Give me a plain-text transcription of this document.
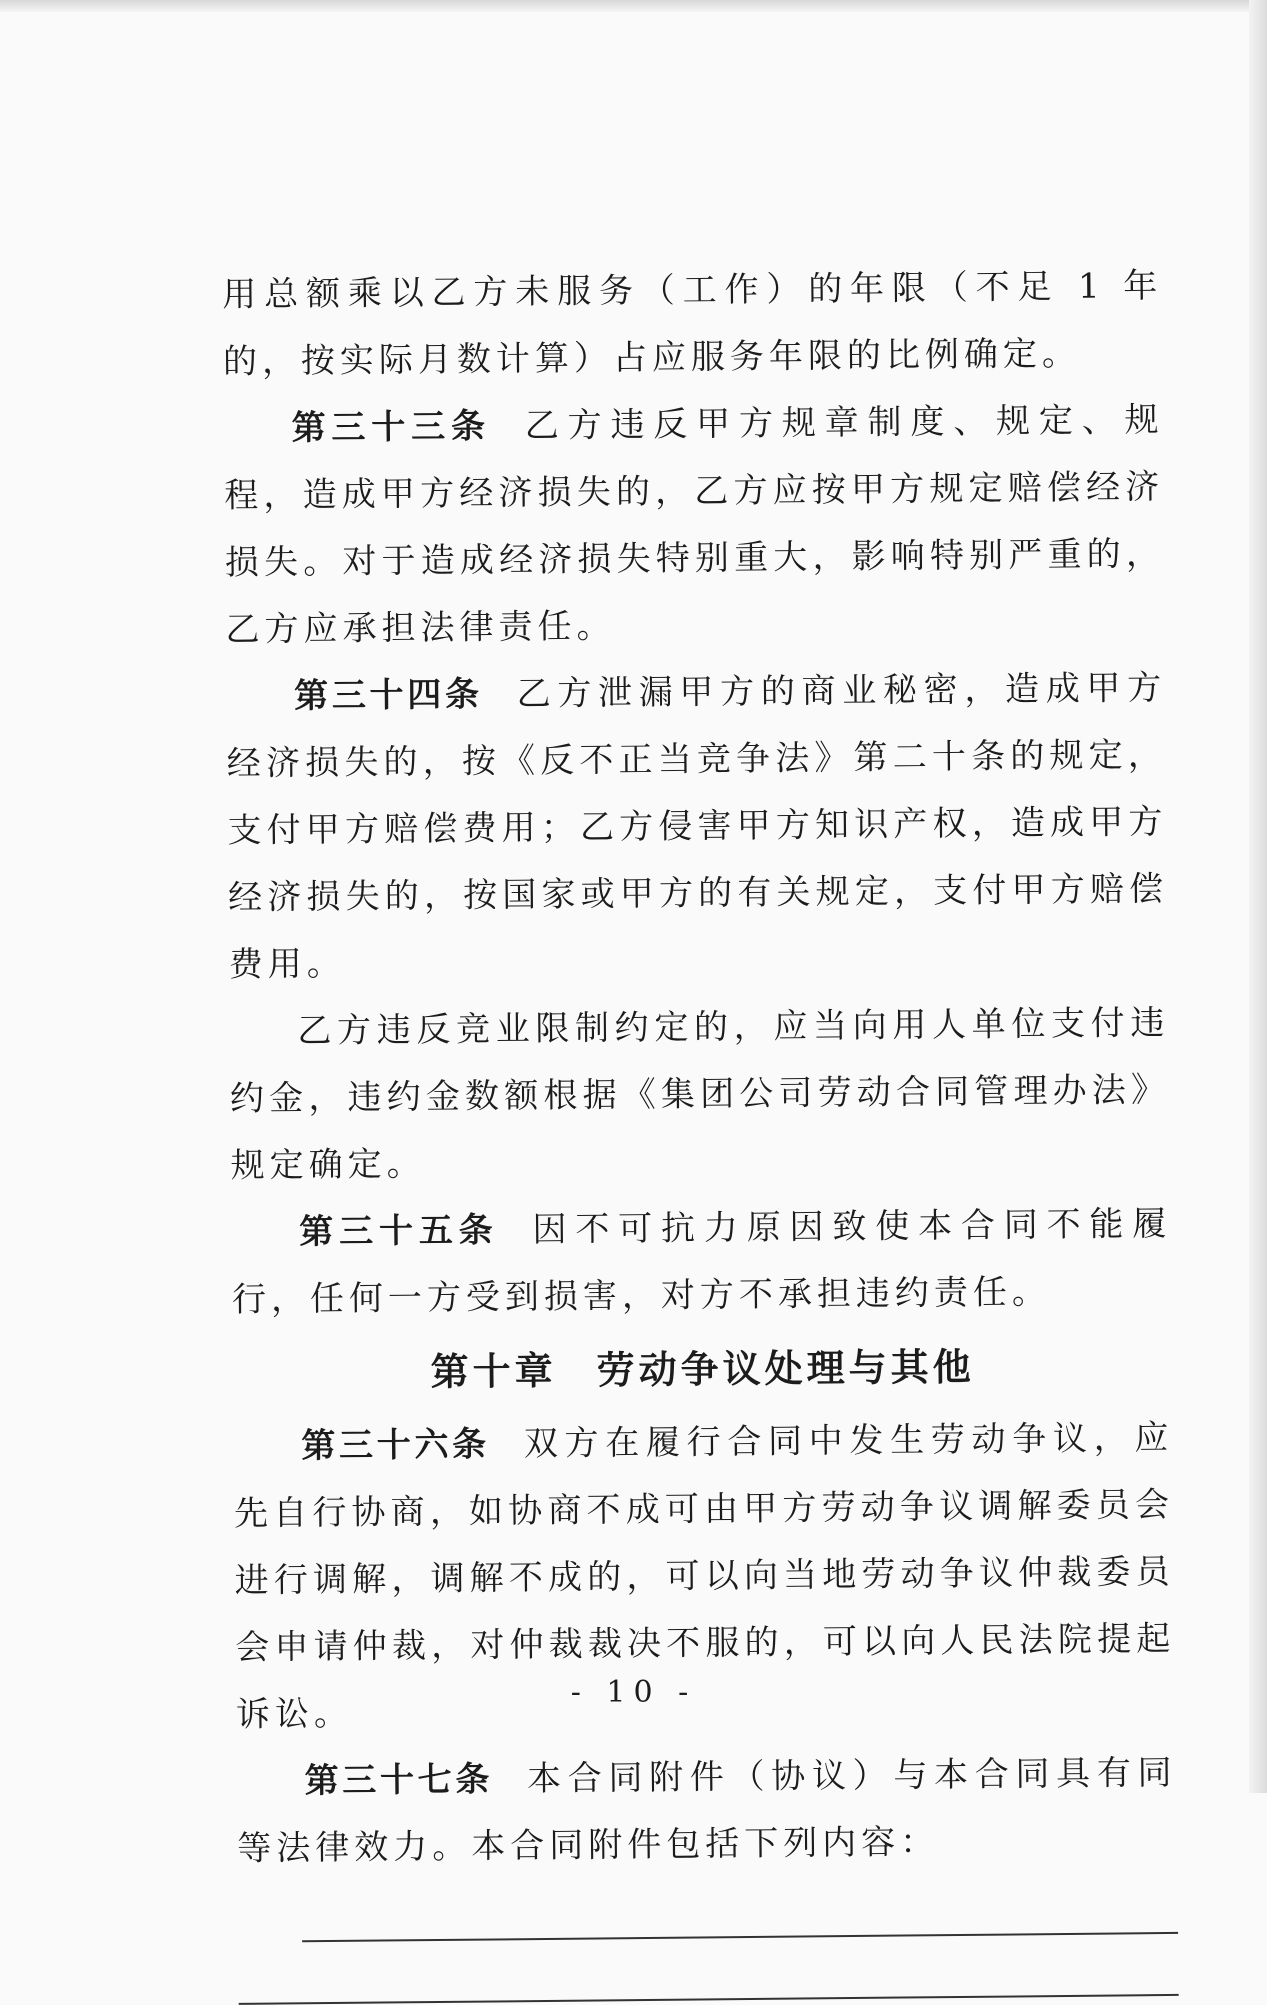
用总额乘以乙方未服务（工作）的年限（不足 1 年的，按实际月数计算）占应服务年限的比例确定。

第三十三条 乙方违反甲方规章制度、规定、规程，造成甲方经济损失的，乙方应按甲方规定赔偿经济损失。对于造成经济损失特别重大，影响特别严重的，乙方应承担法律责任。

第三十四条 乙方泄漏甲方的商业秘密，造成甲方经济损失的，按《反不正当竞争法》第二十条的规定，支付甲方赔偿费用；乙方侵害甲方知识产权，造成甲方经济损失的，按国家或甲方的有关规定，支付甲方赔偿费用。

乙方违反竞业限制约定的，应当向用人单位支付违约金，违约金数额根据《集团公司劳动合同管理办法》规定确定。

第三十五条 因不可抗力原因致使本合同不能履行，任何一方受到损害，对方不承担违约责任。

第十章 劳动争议处理与其他

第三十六条 双方在履行合同中发生劳动争议，应先自行协商，如协商不成可由甲方劳动争议调解委员会进行调解，调解不成的，可以向当地劳动争议仲裁委员会申请仲裁，对仲裁裁决不服的，可以向人民法院提起诉讼。

第三十七条 本合同附件（协议）与本合同具有同等法律效力。本合同附件包括下列内容：

- 10 -
